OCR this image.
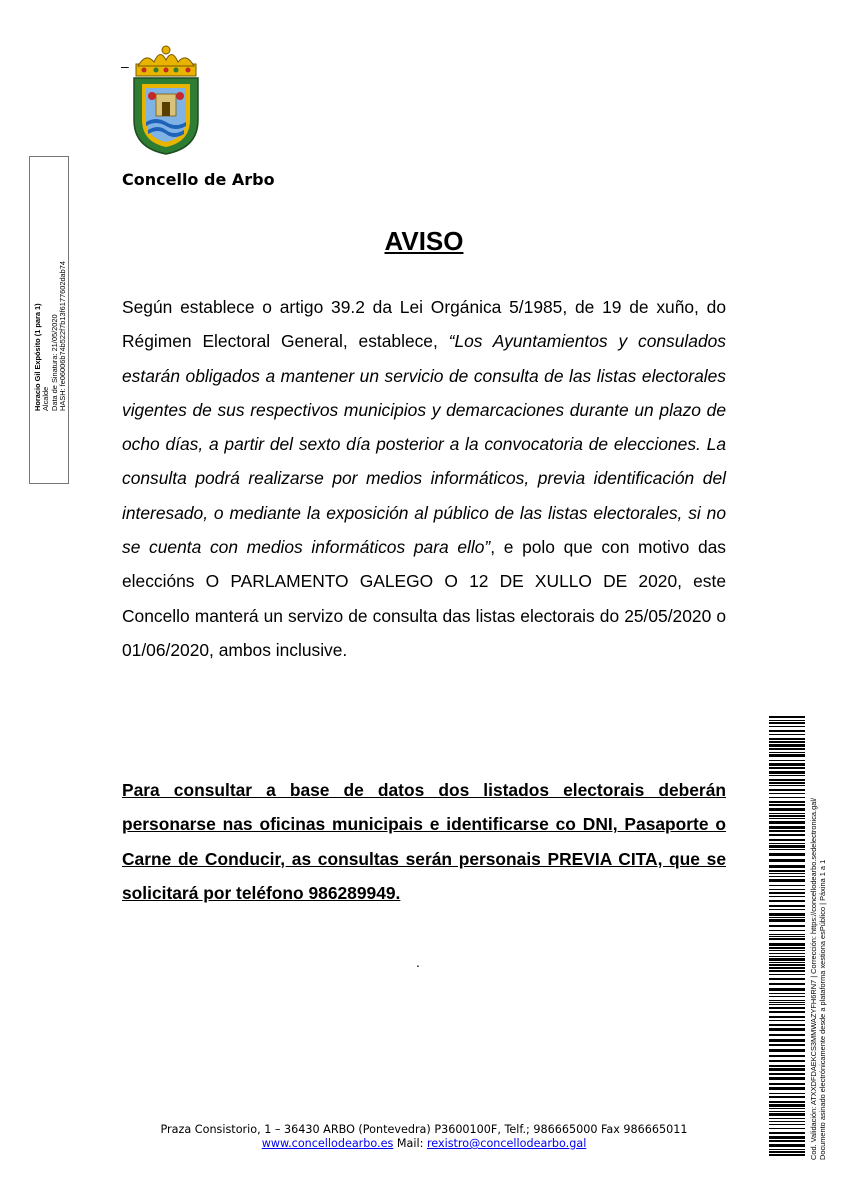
–
Concello de Arbo
AVISO
Según establece o artigo 39.2 da Lei Orgánica 5/1985, de 19 de xuño, do Régimen Electoral General, establece, “Los Ayuntamientos y consulados estarán obligados a mantener un servicio de consulta de las listas electorales vigentes de sus respectivos municipios y demarcaciones durante un plazo de ocho días, a partir del sexto día posterior a la convocatoria de elecciones. La consulta podrá realizarse por medios informáticos, previa identificación del interesado, o mediante la exposición al público de las listas electorales, si no se cuenta con medios informáticos para ello”, e polo que con motivo das eleccións O PARLAMENTO GALEGO O 12 DE XULLO DE 2020, este Concello manterá un servizo de consulta das listas electorais do 25/05/2020 o 01/06/2020, ambos inclusive.
Para consultar a base de datos dos listados electorais deberán personarse nas oficinas municipais e identificarse co DNI, Pasaporte o Carne de Conducir, as consultas serán personais PREVIA CITA, que se solicitará por teléfono 986289949.
.
Horacio Gil Expósito (1 para 1) Alcalde Data de Sinatura: 21/05/2020 HASH: fe06006b74b522f7b13f6177602dab74
Cod. Validación: ATXXDFDAEKCS3MMWAZYFH6RN7 | Corrección: https://concellodearbo.sedelectronica.gal/ Documento asinado electrónicamente desde a plataforma xestiona esPúblico | Páxina 1 a 1
Praza Consistorio, 1 – 36430 ARBO (Pontevedra) P3600100F, Telf.; 986665000 Fax 986665011
www.concellodearbo.es Mail: rexistro@concellodearbo.gal
